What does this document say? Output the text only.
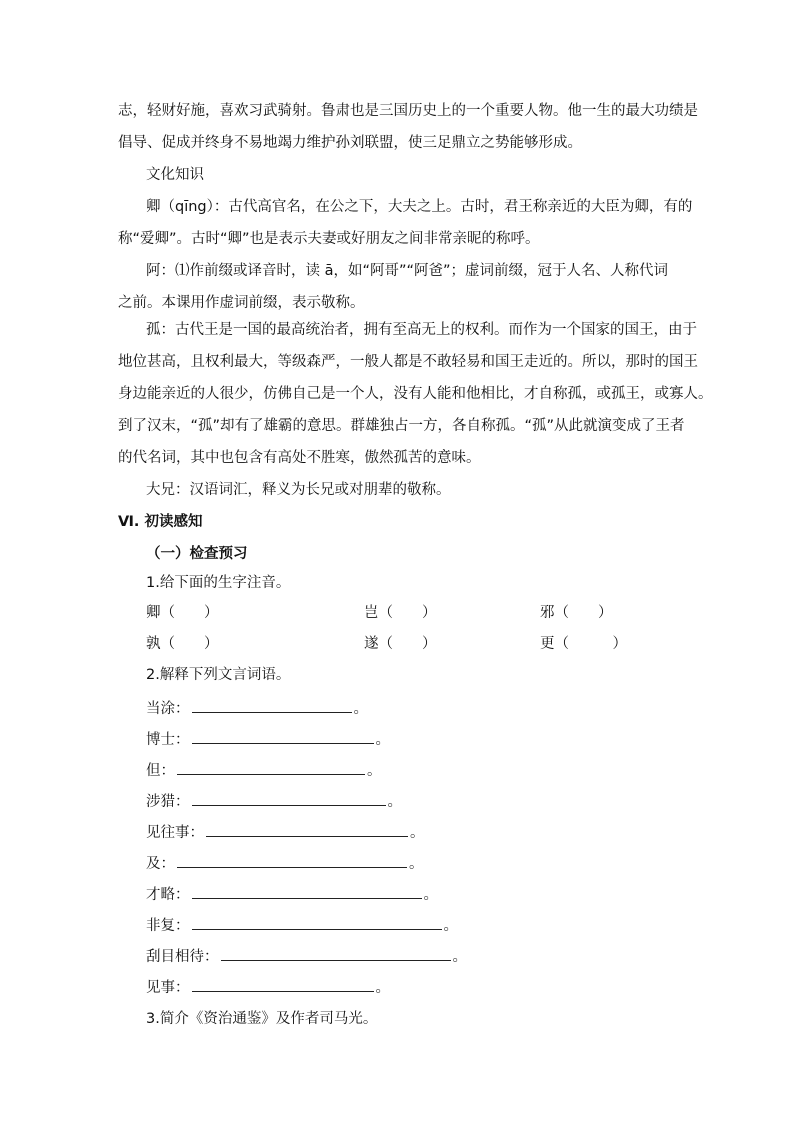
志，轻财好施，喜欢习武骑射。鲁肃也是三国历史上的一个重要人物。他一生的最大功绩是
倡导、促成并终身不易地竭力维护孙刘联盟，使三足鼎立之势能够形成。
文化知识
卿（qīng）：古代高官名，在公之下，大夫之上。古时，君王称亲近的大臣为卿，有的
称“爱卿”。古时“卿”也是表示夫妻或好朋友之间非常亲昵的称呼。
阿：⑴作前缀或译音时，读 ā，如“阿哥”“阿爸”；虚词前缀，冠于人名、人称代词
之前。本课用作虚词前缀，表示敬称。
孤：古代王是一国的最高统治者，拥有至高无上的权利。而作为一个国家的国王，由于
地位甚高，且权利最大，等级森严，一般人都是不敢轻易和国王走近的。所以，那时的国王
身边能亲近的人很少，仿佛自己是一个人，没有人能和他相比，才自称孤，或孤王，或寡人。
到了汉末，“孤”却有了雄霸的意思。群雄独占一方，各自称孤。“孤”从此就演变成了王者
的代名词，其中也包含有高处不胜寒，傲然孤苦的意味。
大兄：汉语词汇，释义为长兄或对朋辈的敬称。
Ⅵ. 初读感知
（一）检查预习
1.给下面的生字注音。
卿（　　）	岂（　　）	邪（　　）
孰（　　）	遂（　　）	更（　　　）
2.解释下列文言词语。
当涂：	。
博士：	。
但：	。
涉猎：	。
见往事：	。
及：	。
才略：	。
非复：	。
刮目相待：	。
见事：	。
3.简介《资治通鉴》及作者司马光。
